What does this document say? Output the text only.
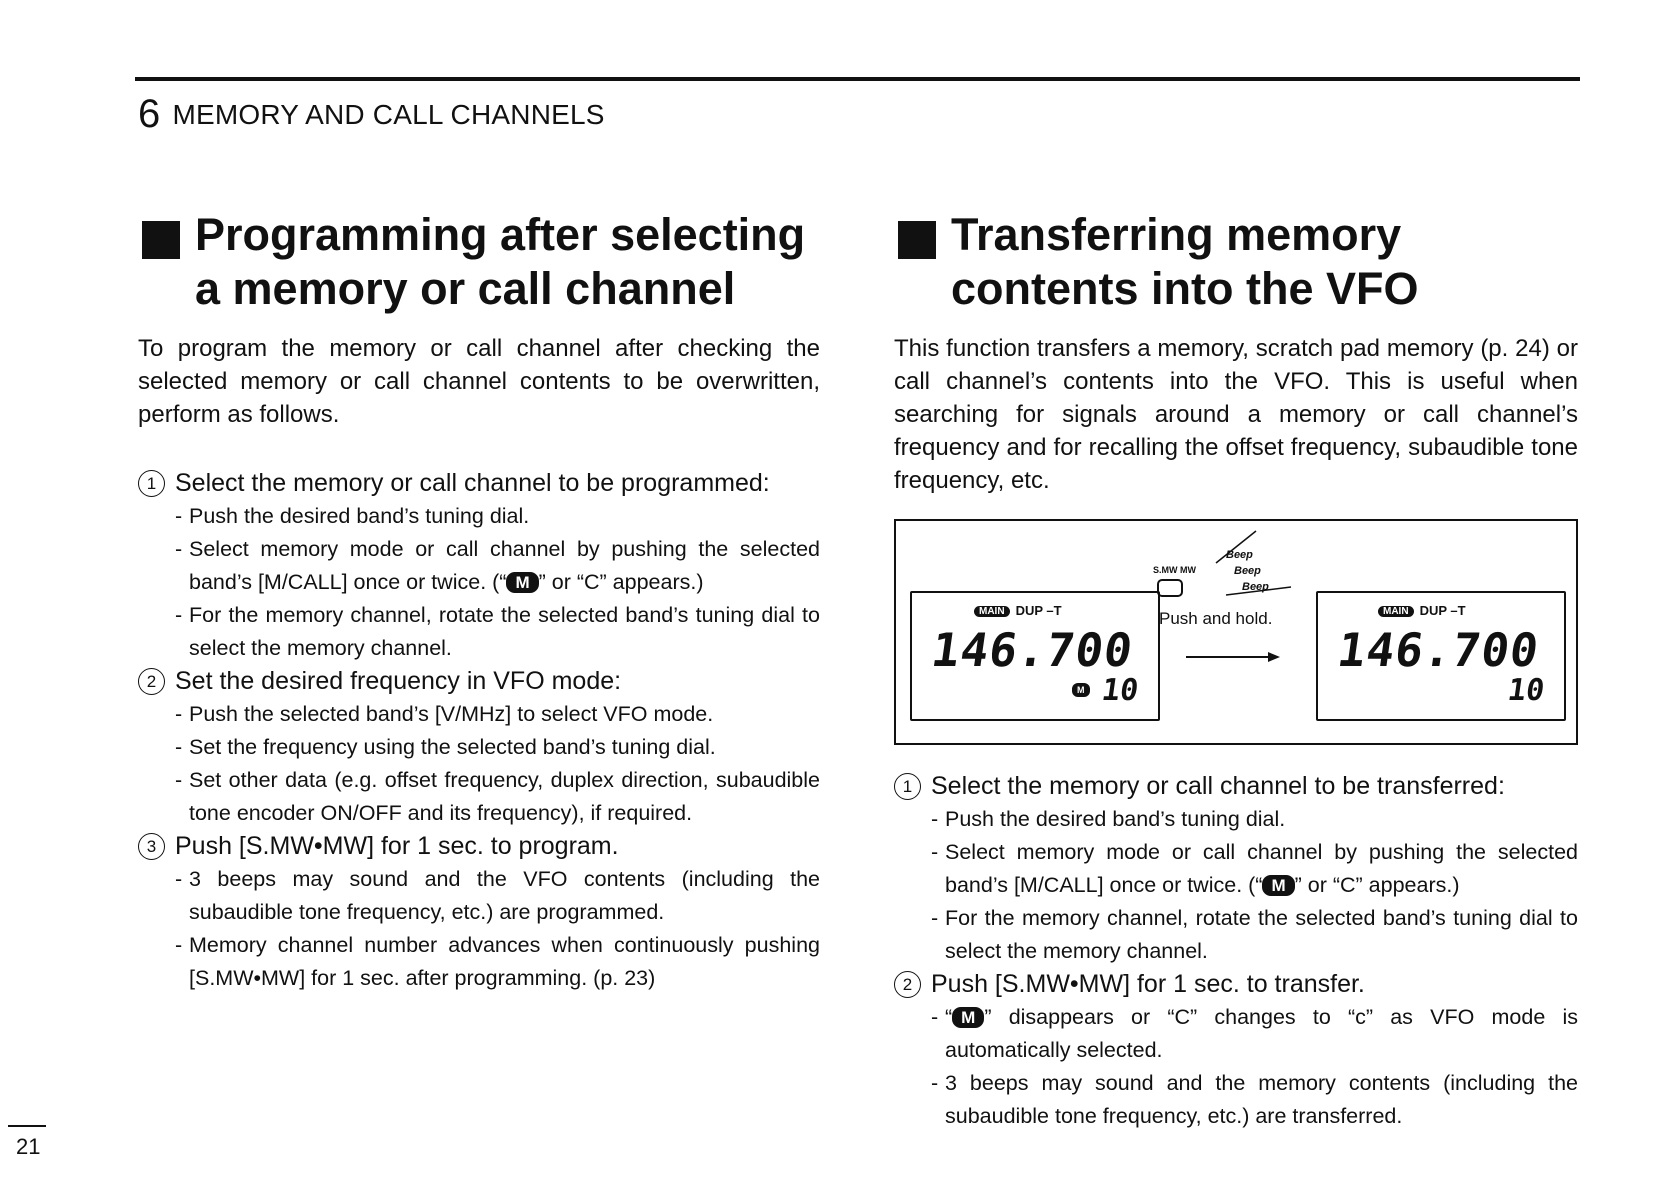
6 MEMORY AND CALL CHANNELS
Programming after selecting
a memory or call channel
To program the memory or call channel after checking the selected memory or call channel contents to be overwritten, perform as follows.
1 Select the memory or call channel to be programmed:
- Push the desired band’s tuning dial.
- Select memory mode or call channel by pushing the selected band’s [M/CALL] once or twice. (“ M ” or “C” appears.)
- For the memory channel, rotate the selected band’s tuning dial to select the memory channel.
2 Set the desired frequency in VFO mode:
- Push the selected band’s [V/MHz] to select VFO mode.
- Set the frequency using the selected band’s tuning dial.
- Set other data (e.g. offset frequency, duplex direction, subaudible tone encoder ON/OFF and its frequency), if required.
3 Push [S.MW•MW] for 1 sec. to program.
- 3 beeps may sound and the VFO contents (including the subaudible tone frequency, etc.) are programmed.
- Memory channel number advances when continuously pushing [S.MW•MW] for 1 sec. after programming. (p. 23)
Transferring memory
contents into the VFO
This function transfers a memory, scratch pad memory (p. 24) or call channel’s contents into the VFO. This is useful when searching for signals around a memory or call channel’s frequency and for recalling the offset frequency, subaudible tone frequency, etc.
MAIN DUP –T
146.700
M 10
S.MW MW
Beep
Beep
Beep
Push and hold.	MAIN DUP –T
146.700
10
1 Select the memory or call channel to be transferred:
- Push the desired band’s tuning dial.
- Select memory mode or call channel by pushing the selected band’s [M/CALL] once or twice. (“ M ” or “C” appears.)
- For the memory channel, rotate the selected band’s tuning dial to select the memory channel.
2 Push [S.MW•MW] for 1 sec. to transfer.
- “ M ” disappears or “C” changes to “c” as VFO mode is automatically selected.
- 3 beeps may sound and the memory contents (including the subaudible tone frequency, etc.) are transferred.
21
